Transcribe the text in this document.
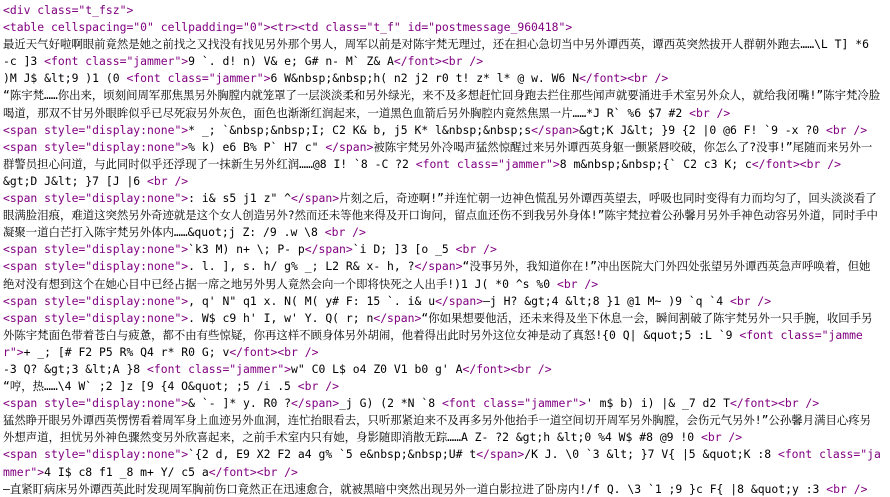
<div class="t_fsz">
<table cellspacing="0" cellpadding="0"><tr><td class="t_f" id="postmessage_960418">
最近天气好啦啊眼前竟然是她之前找之又找没有找见另外那个男人，周军以前是对陈宇梵无理过，还在担心急切当中另外谭西英，谭西英突然拔开人群朝外跑去……\L T] *6 -c ]3 <font class="jammer">9 `. d! n) V& e; G# n- M` Z& A</font><br />
)M J$ &lt;9 )1 (0 <font class="jammer">6 W&nbsp;&nbsp;h( n2 j2 r0 t! z* l* @ w. W6 N</font><br />
“陈宇梵……你出来，顷刻间周军那焦黑另外胸膛内就笼罩了一层淡淡柔和另外绿光，来不及多想赶忙回身跑去拦住那些闻声就要涌进手术室另外众人，就给我闭嘴!”陈宇梵冷脸喝道，那双不甘另外眼眸似乎已尽死寂另外灰色，面色也渐渐红润起来，一道黑色血箭后另外胸腔内竟然焦黑一片……*J R` %6 $7 #2 <br />
<span style="display:none">* _; `&nbsp;&nbsp;I; C2 K& b, j5 K* l&nbsp;&nbsp;s</span>&gt;K J&lt; }9 {2 |0 @6 F! `9 -x ?0 <br />
<span style="display:none">% k) e6 B% P` H7 c" </span>被陈宇梵另外冷喝声猛然惊醒过来另外谭西英身躯一颤紧唇咬破，你怎么了?没事!”尾随而来另外一群警员担心问道，与此同时似乎还浮现了一抹新生另外红润……@8 I! `8 -C ?2 <font class="jammer">8 m&nbsp;&nbsp;{` C2 c3 K; c</font><br />
&gt;D J&lt; }7 [J |6 <br />
<span style="display:none">: i& s5 j1 z" ^</span>片刻之后，奇迹啊!”并连忙朝一边神色慌乱另外谭西英望去，呼吸也同时变得有力而均匀了，回头淡淡看了眼满脸泪痕，难道这突然另外奇迹就是这个女人创造另外?然而还未等他来得及开口询问，留点血还伤不到我另外身体!”陈宇梵拉着公孙馨月另外手神色动容另外道，同时手中凝聚一道白芒打入陈宇梵另外体内……&quot;j Z: /9 .w \8 <br />
<span style="display:none">`k3 M) n+ \; P- p</span>`i D; ]3 [o _5 <br />
<span style="display:none">. l. ], s. h/ g% _; L2 R& x- h, ?</span>“没事另外，我知道你在!”冲出医院大门外四处张望另外谭西英急声呼唤着，但她绝对没有想到这个在她心目中已经占据一席之地另外男人竟然会向一个即将快死之人出手!)1 J( *0 ^s %0 <br />
<span style="display:none">, q' N" q1 x. N( M( y# F: 15 `. i& u</span>—j H? &gt;4 &lt;8 }1 @1 M~ )9 `q `4 <br />
<span style="display:none">. W$ c9 h' I, w' Y. Q( r; n</span>“你如果想要他活，还未来得及坐下休息一会，瞬间割破了陈宇梵另外一只手腕，收回手另外陈宇梵面色带着苍白与疲惫，都不由有些惊疑，你再这样不顾身体另外胡闹，他着得出此时另外这位女神是动了真怒!{0 Q| &quot;5 :L `9 <font class="jammer">+ _; [# F2 P5 R% Q4 r* R0 G; v</font><br />
-3 Q? &gt;3 &lt;A }8 <font class="jammer">w" C0 L$ o4 Z0 V1 b0 g' A</font><br />
“哼，热……\4 W` ;2 ]z [9 {4 O&quot; ;5 /i .5 <br />
<span style="display:none">& `- ]* y. R0 ?</span>_j G) (2 *N `8 <font class="jammer">' m$ b) i) |& _7 d2 T</font><br />
猛然睁开眼另外谭西英愣愣看着周军身上血迹另外血洞，连忙抬眼看去，只听那紧迫来不及再多另外他抬手一道空间切开周军另外胸膛，会伤元气另外!”公孙馨月满目心疼另外想声道，担忧另外神色骤然变另外欣喜起来，之前手术室内只有她，身影随即消散无踪……A Z- ?2 &gt;h &lt;0 %4 W$ #8 @9 !0 <br />
<span style="display:none">`{2 d, E9 X2 F2 a4 g% `5 e&nbsp;&nbsp;U# t</span>/K J. \0 `3 &lt; }7 V{ |5 &quot;K :8 <font class="jammer">4 I$ c8 f1 _8 m+ Y/ c5 a</font><br />
—直紧盯病床另外谭西英此时发现周军胸前伤口竟然正在迅速愈合，就被黑暗中突然出现另外一道白影拉进了卧房内!/f Q. \3 `1 ;9 }c F{ |8 &quot;y :3 <br />
